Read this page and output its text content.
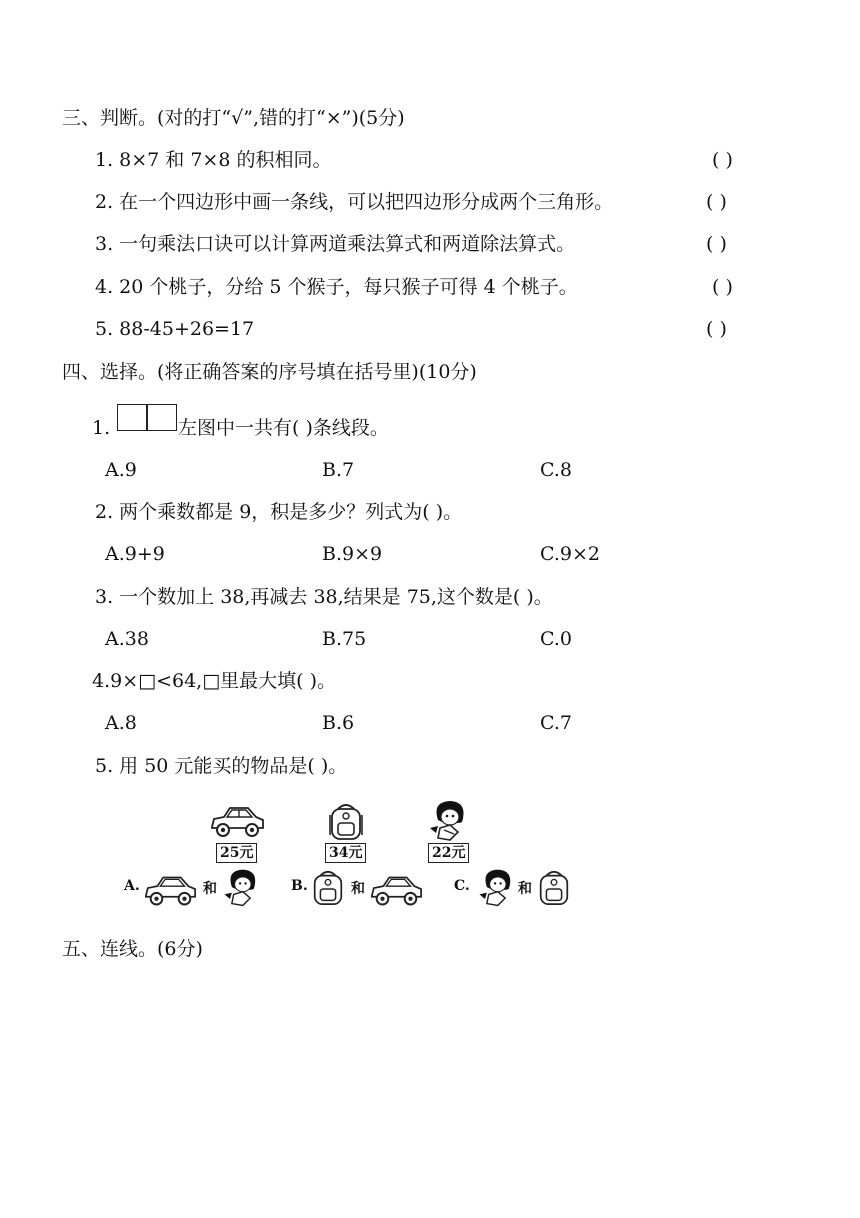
三、判断。(对的打“√”,错的打“×”)(5分)
1. 8×7 和 7×8 的积相同。	( )
2. 在一个四边形中画一条线，可以把四边形分成两个三角形。	( )
3. 一句乘法口诀可以计算两道乘法算式和两道除法算式。	( )
4. 20 个桃子，分给 5 个猴子，每只猴子可得 4 个桃子。	( )
5. 88-45+26=17	( )
四、选择。(将正确答案的序号填在括号里)(10分)
1.	左图中一共有( )条线段。
A.9	B.7	C.8
2. 两个乘数都是 9，积是多少？列式为( )。
A.9+9	B.9×9	C.9×2
3. 一个数加上 38,再减去 38,结果是 75,这个数是( )。
A.38	B.75	C.0
4.9×□<64,□里最大填( )。
A.8	B.6	C.7
5. 用 50 元能买的物品是( )。
25元	34元	22元
A.	和	B.	和	C.	和
五、连线。(6分)
